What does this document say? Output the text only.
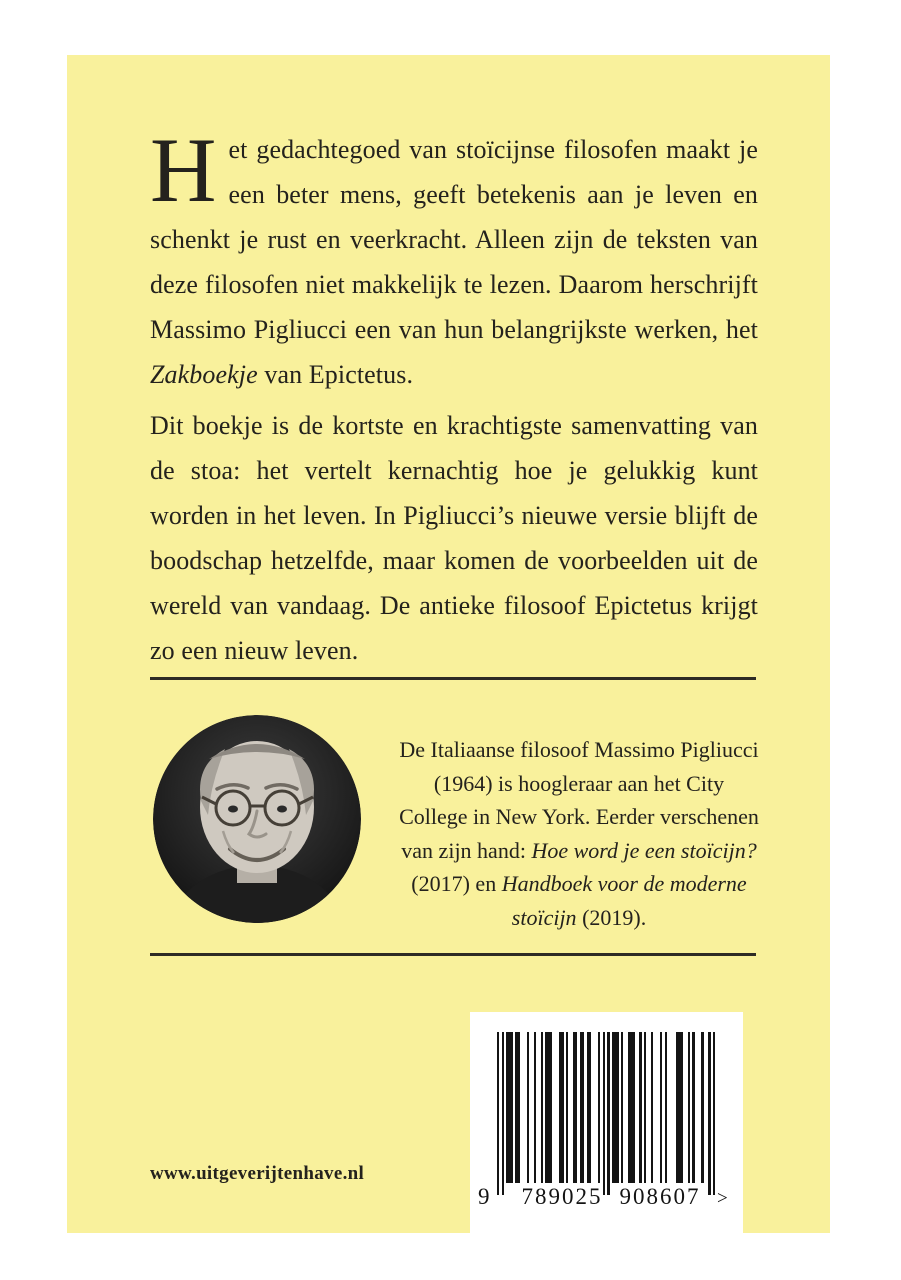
Het gedachtegoed van stoïcijnse filosofen maakt je een beter mens, geeft betekenis aan je leven en schenkt je rust en veerkracht. Alleen zijn de teksten van deze filosofen niet makkelijk te lezen. Daarom herschrijft Massimo Pigliucci een van hun belangrijkste werken, het Zakboekje van Epictetus.

Dit boekje is de kortste en krachtigste samenvatting van de stoa: het vertelt kernachtig hoe je gelukkig kunt worden in het leven. In Pigliucci’s nieuwe versie blijft de boodschap hetzelfde, maar komen de voorbeelden uit de wereld van vandaag. De antieke filosoof Epictetus krijgt zo een nieuw leven.

De Italiaanse filosoof Massimo Pigliucci (1964) is hoogleraar aan het City College in New York. Eerder verschenen van zijn hand: Hoe word je een stoïcijn? (2017) en Handboek voor de moderne stoïcijn (2019).

www.uitgeverijtenhave.nl
9	789025 908607 >
